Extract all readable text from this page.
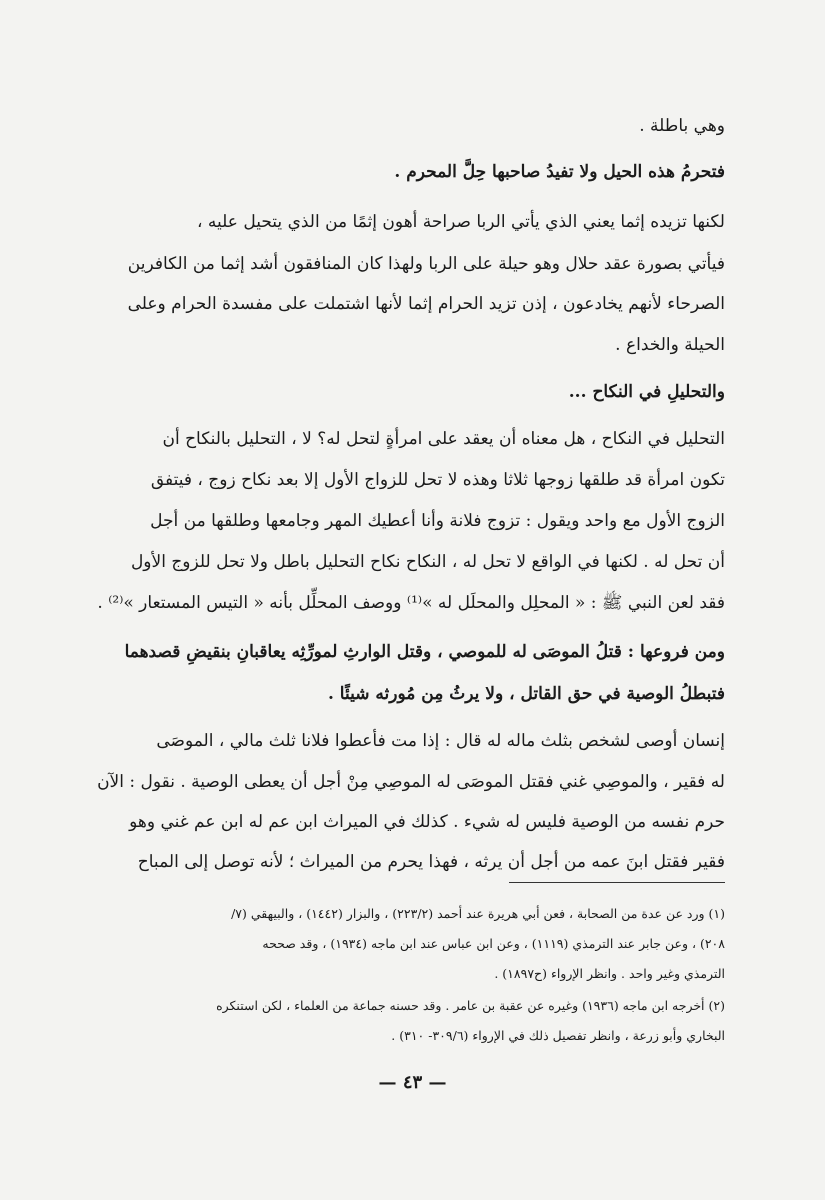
وهي باطلة .
فتحرمُ هذه الحيل ولا تفيدُ صاحبها حِلَّ المحرم .
لكنها تزيده إثما يعني الذي يأتي الربا صراحة أهون إثمًا من الذي يتحيل عليه ،
فيأتي بصورة عقد حلال وهو حيلة على الربا ولهذا كان المنافقون أشد إثما من الكافرين
الصرحاء لأنهم يخادعون ، إذن تزيد الحرام إثما لأنها اشتملت على مفسدة الحرام وعلى
الحيلة والخداع .
والتحليلِ في النكاح ...
التحليل في النكاح ، هل معناه أن يعقد على امرأةٍ لتحل له؟ لا ، التحليل بالنكاح أن
تكون امرأة قد طلقها زوجها ثلاثا وهذه لا تحل للزواج الأول إلا بعد نكاح زوج ، فيتفق
الزوج الأول مع واحد ويقول : تزوج فلانة وأنا أعطيك المهر وجامعها وطلقها من أجل
أن تحل له . لكنها في الواقع لا تحل له ، النكاح نكاح التحليل باطل ولا تحل للزوج الأول
فقد لعن النبي ﷺ : « المحلِل والمحلَل له »⁽¹⁾ ووصف المحلِّل بأنه « التيس المستعار »⁽²⁾ .
ومن فروعها : قتلُ الموصَى له للموصي ، وقتل الوارثِ لمورِّثِه يعاقبانِ بنقيضِ قصدهما
فتبطلُ الوصية في حق القاتل ، ولا يرثُ مِن مُورثه شيئًا .
إنسان أوصى لشخص بثلث ماله له قال : إذا مت فأعطوا فلانا ثلث مالي ، الموصَى
له فقير ، والموصِي غني فقتل الموصَى له الموصِي مِنْ أجل أن يعطى الوصية . نقول : الآن
حرم نفسه من الوصية فليس له شيء . كذلك في الميراث ابن عم له ابن عم غني وهو
فقير فقتل ابنَ عمه من أجل أن يرثه ، فهذا يحرم من الميراث ؛ لأنه توصل إلى المباح
(١) ورد عن عدة من الصحابة ، فعن أبي هريرة عند أحمد (٢٢٣/٢) ، والبزار (١٤٤٢) ، والبيهقي (٧/
٢٠٨) ، وعن جابر عند الترمذي (١١١٩) ، وعن ابن عباس عند ابن ماجه (١٩٣٤) ، وقد صححه
الترمذي وغير واحد . وانظر الإرواء (ح١٨٩٧) .
(٢) أخرجه ابن ماجه (١٩٣٦) وغيره عن عقبة بن عامر . وقد حسنه جماعة من العلماء ، لكن استنكره
البخاري وأبو زرعة ، وانظر تفصيل ذلك في الإرواء (٣٠٩/٦- ٣١٠) .
— ٤٣ —
